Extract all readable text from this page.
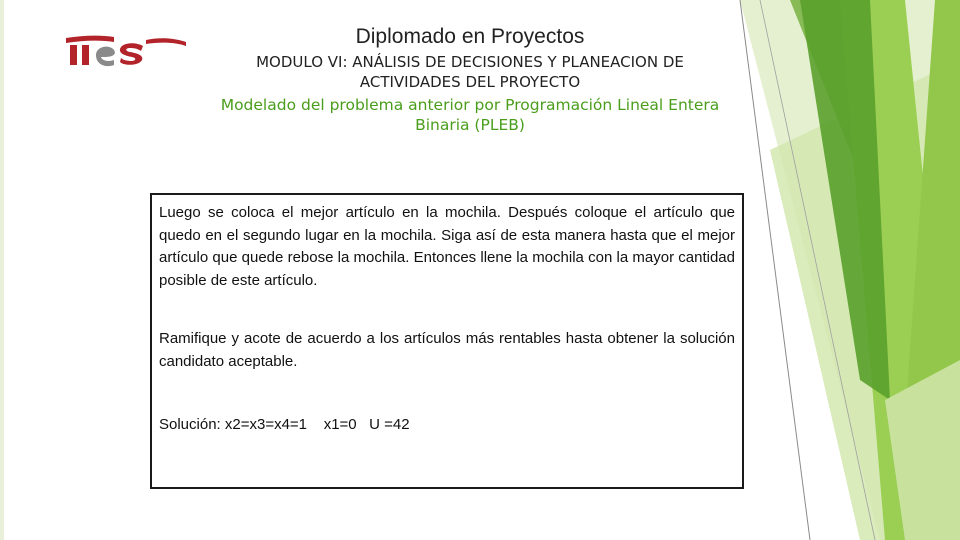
Diplomado en Proyectos
MODULO VI: ANÁLISIS DE DECISIONES Y PLANEACION DE ACTIVIDADES DEL PROYECTO
Modelado del problema anterior por Programación Lineal Entera Binaria (PLEB)

Luego se coloca el mejor artículo en la mochila. Después coloque el artículo que quedo en el segundo lugar en la mochila. Siga así de esta manera hasta que el mejor artículo que quede rebose la mochila. Entonces llene la mochila con la mayor cantidad posible de este artículo.

Ramifique y acote de acuerdo a los artículos más rentables hasta obtener la solución candidato aceptable.

Solución: x2=x3=x4=1    x1=0   U =42
